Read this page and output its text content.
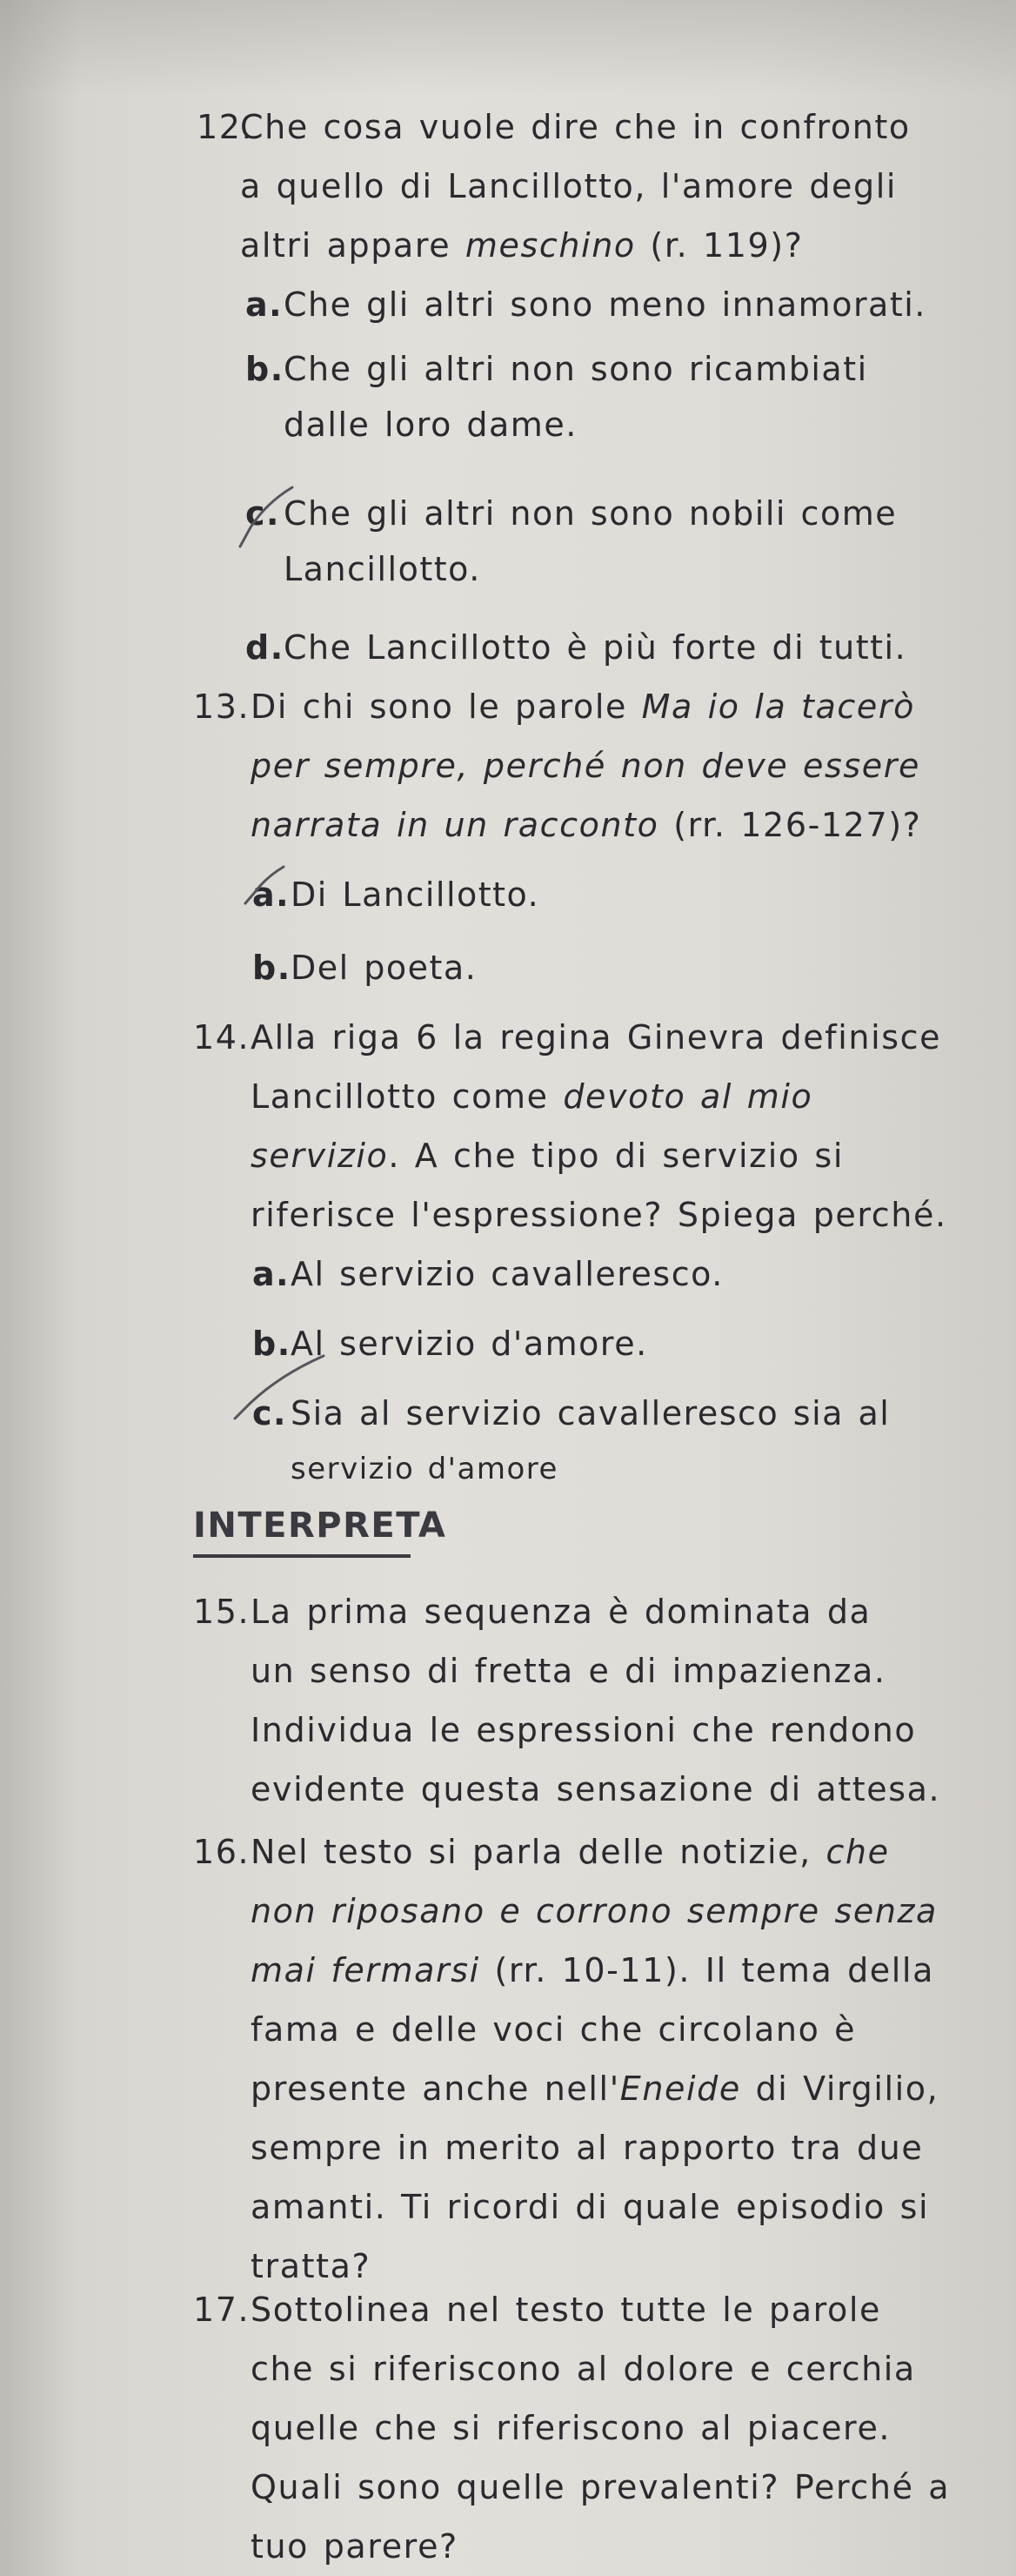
12.
Che cosa vuole dire che in confronto
a quello di Lancillotto, l'amore degli
altri appare meschino (r. 119)?
a. Che gli altri sono meno innamorati.
b. Che gli altri non sono ricambiati
dalle loro dame.
c. Che gli altri non sono nobili come
Lancillotto.
d. Che Lancillotto è più forte di tutti.
13. Di chi sono le parole Ma io la tacerò
per sempre, perché non deve essere
narrata in un racconto (rr. 126-127)?
a. Di Lancillotto.
b. Del poeta.
14. Alla riga 6 la regina Ginevra definisce
Lancillotto come devoto al mio
servizio. A che tipo di servizio si
riferisce l'espressione? Spiega perché.
a. Al servizio cavalleresco.
b. Al servizio d'amore.
c. Sia al servizio cavalleresco sia al
servizio d'amore
INTERPRETA
15. La prima sequenza è dominata da
un senso di fretta e di impazienza.
Individua le espressioni che rendono
evidente questa sensazione di attesa.
16. Nel testo si parla delle notizie, che
non riposano e corrono sempre senza
mai fermarsi (rr. 10-11). Il tema della
fama e delle voci che circolano è
presente anche nell'Eneide di Virgilio,
sempre in merito al rapporto tra due
amanti. Ti ricordi di quale episodio si
tratta?
17. Sottolinea nel testo tutte le parole
che si riferiscono al dolore e cerchia
quelle che si riferiscono al piacere.
Quali sono quelle prevalenti? Perché a
tuo parere?
